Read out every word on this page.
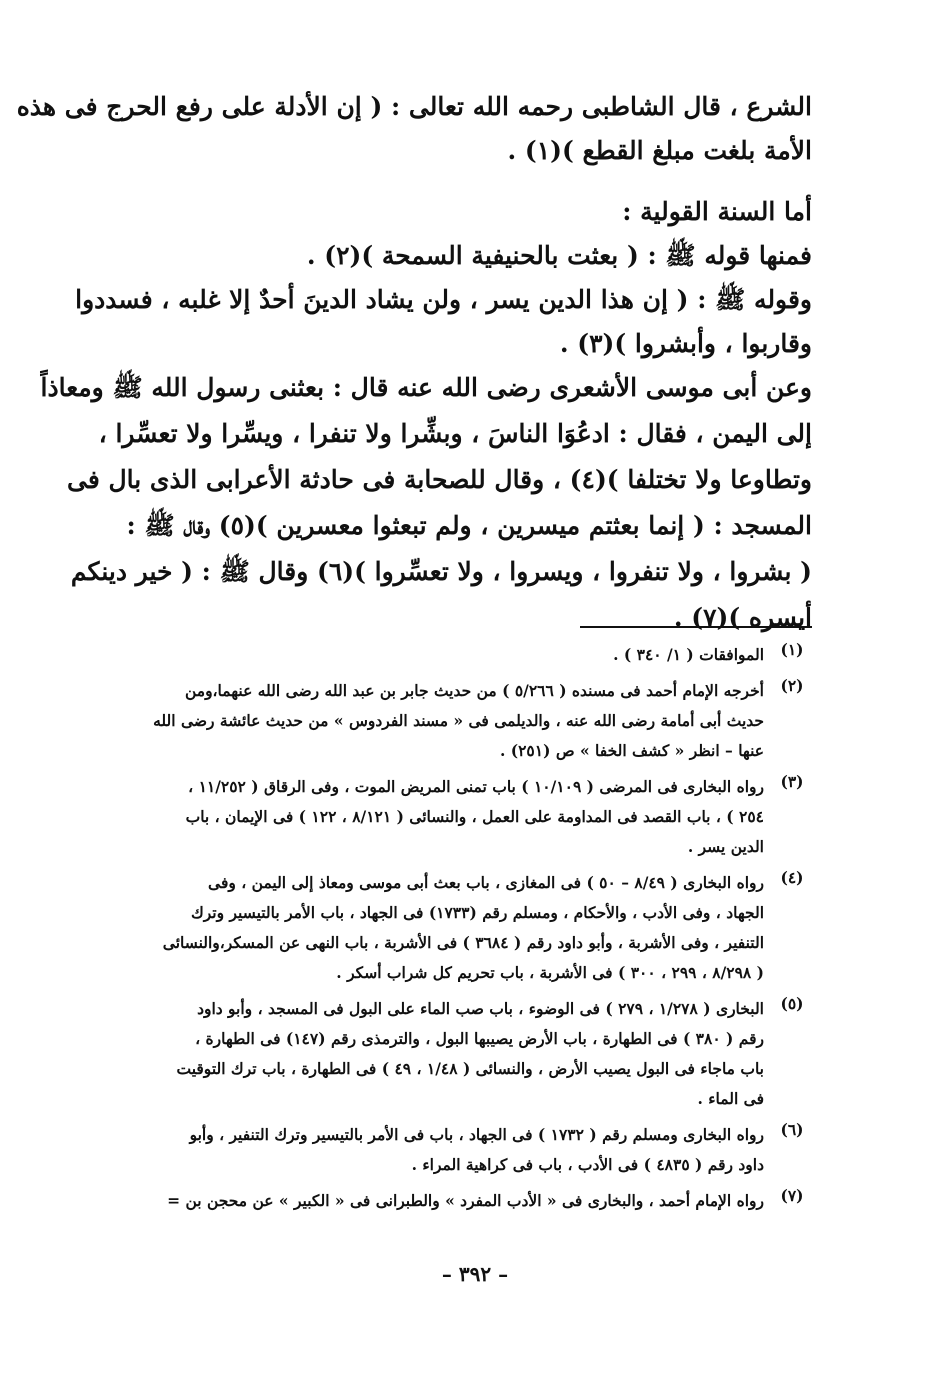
الشرع ، قال الشاطبى رحمه الله تعالى : ( إن الأدلة على رفع الحرج فى هذه
الأمة بلغت مبلغ القطع )(١) .
أما السنة القولية :
فمنها قوله ﷺ : ( بعثت بالحنيفية السمحة )(٢) .
وقوله ﷺ : ( إن هذا الدين يسر ، ولن يشاد الدينَ أحدٌ إلا غلبه ، فسددوا
وقاربوا ، وأبشروا )(٣) .
وعن أبى موسى الأشعرى رضى الله عنه قال : بعثنى رسول الله ﷺ ومعاذاً
إلى اليمن ، فقال : ادعُوَا الناسَ ، وبشِّرا ولا تنفرا ، ويسِّرا ولا تعسِّرا ،
وتطاوعا ولا تختلفا )(٤) ، وقال للصحابة فى حادثة الأعرابى الذى بال فى
المسجد : ( إنما بعثتم ميسرين ، ولم تبعثوا معسرين )(٥) وقال ﷺ :
( بشروا ، ولا تنفروا ، ويسروا ، ولا تعسِّروا )(٦) وقال ﷺ : ( خير دينكم
أيسره )(٧) .
(١)
الموافقات ( ١/ ٣٤٠ ) .
(٢)
أخرجه الإمام أحمد فى مسنده ( ٥/٢٦٦ ) من حديث جابر بن عبد الله رضى الله عنهما،ومن
حديث أبى أمامة رضى الله عنه ، والديلمى فى « مسند الفردوس » من حديث عائشة رضى الله
عنها – انظر « كشف الخفا » ص (٢٥١) .
(٣)
رواه البخارى فى المرضى ( ١٠/١٠٩ ) باب تمنى المريض الموت ، وفى الرقاق ( ١١/٢٥٢ ،
٢٥٤ ) ، باب القصد فى المداومة على العمل ، والنسائى ( ٨/١٢١ ، ١٢٢ ) فى الإيمان ، باب
الدين يسر .
(٤)
رواه البخارى ( ٨/٤٩ – ٥٠ ) فى المغازى ، باب بعث أبى موسى ومعاذ إلى اليمن ، وفى
الجهاد ، وفى الأدب ، والأحكام ، ومسلم رقم (١٧٣٣) فى الجهاد ، باب الأمر بالتيسير وترك
التنفير ، وفى الأشربة ، وأبو داود رقم ( ٣٦٨٤ ) فى الأشربة ، باب النهى عن المسكر،والنسائى
( ٨/٢٩٨ ، ٢٩٩ ، ٣٠٠ ) فى الأشربة ، باب تحريم كل شراب أسكر .
(٥)
البخارى ( ١/٢٧٨ ، ٢٧٩ ) فى الوضوء ، باب صب الماء على البول فى المسجد ، وأبو داود
رقم ( ٣٨٠ ) فى الطهارة ، باب الأرض يصيبها البول ، والترمذى رقم (١٤٧) فى الطهارة ،
باب ماجاء فى البول يصيب الأرض ، والنسائى ( ١/٤٨ ، ٤٩ ) فى الطهارة ، باب ترك التوقيت
فى الماء .
(٦)
رواه البخارى ومسلم رقم ( ١٧٣٢ ) فى الجهاد ، باب فى الأمر بالتيسير وترك التنفير ، وأبو
داود رقم ( ٤٨٣٥ ) فى الأدب ، باب فى كراهية المراء .
(٧)
رواه الإمام أحمد ، والبخارى فى « الأدب المفرد » والطبرانى فى « الكبير » عن محجن بن =
– ٣٩٢ –
